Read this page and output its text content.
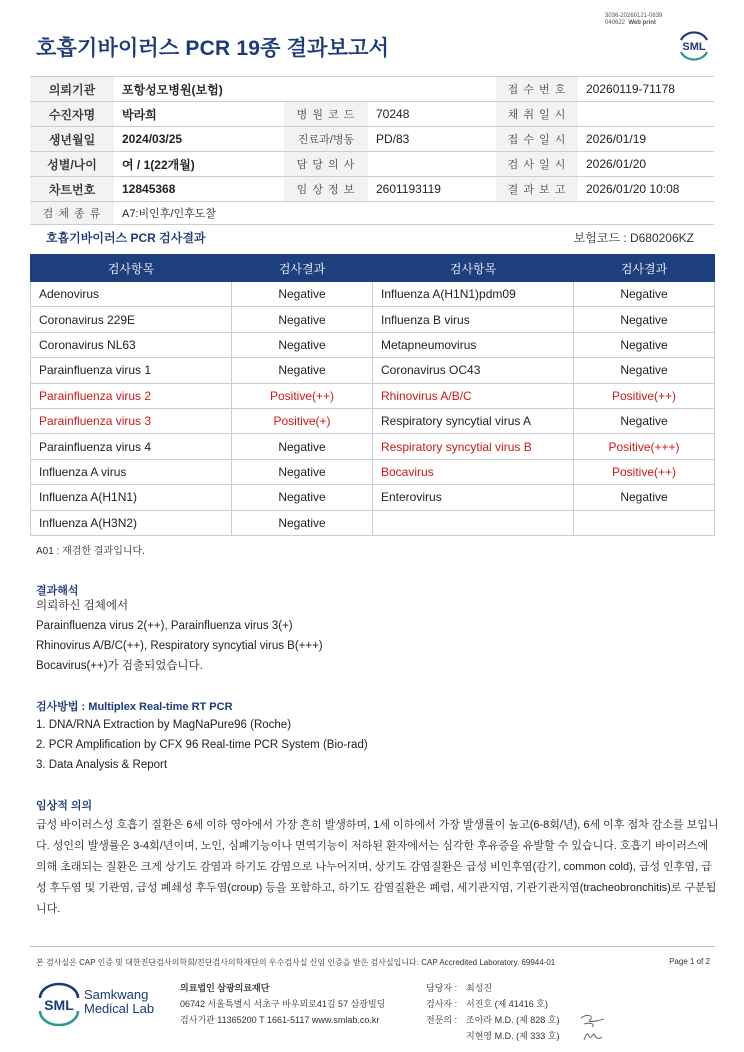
3036-20260121-0839
040622 Web print
SML
호흡기바이러스 PCR 19종 결과보고서
의뢰기관	포항성모병원(보험)			접 수 번 호	20260119-71178
수진자명	박라희	병 원 코 드	70248	채 취 일 시	
생년월일	2024/03/25	진료과/병동	PD/83	접 수 일 시	2026/01/19
성별/나이	여 / 1(22개월)	담 당 의 사		검 사 일 시	2026/01/20
차트번호	12845368	임 상 정 보	2601193119	결 과 보 고	2026/01/20 10:08
검 체 종 류	A7:비인후/인후도찰				
호흡기바이러스 PCR 검사결과	보험코드 : D680206KZ
검사항목	검사결과	검사항목	검사결과
Adenovirus	Negative	Influenza A(H1N1)pdm09	Negative
Coronavirus 229E	Negative	Influenza B virus	Negative
Coronavirus NL63	Negative	Metapneumovirus	Negative
Parainfluenza virus 1	Negative	Coronavirus OC43	Negative
Parainfluenza virus 2	Positive(++)	Rhinovirus A/B/C	Positive(++)
Parainfluenza virus 3	Positive(+)	Respiratory syncytial virus A	Negative
Parainfluenza virus 4	Negative	Respiratory syncytial virus B	Positive(+++)
Influenza A virus	Negative	Bocavirus	Positive(++)
Influenza A(H1N1)	Negative	Enterovirus	Negative
Influenza A(H3N2)	Negative		
A01 : 재검한 결과입니다.
결과해석
의뢰하신 검체에서
Parainfluenza virus 2(++), Parainfluenza virus 3(+)
Rhinovirus A/B/C(++), Respiratory syncytial virus B(+++)
Bocavirus(++)가 검출되었습니다.
검사방법 : Multiplex Real-time RT PCR
1. DNA/RNA Extraction by MagNaPure96 (Roche)
2. PCR Amplification by CFX 96 Real-time PCR System (Bio-rad)
3. Data Analysis & Report
임상적 의의
급성 바이러스성 호흡기 질환은 6세 이하 영아에서 가장 흔히 발생하며, 1세 이하에서 가장 발생률이 높고(6-8회/년), 6세 이후 점차 감소를 보입니다. 성인의 발생률은 3-4회/년이며, 노인, 심폐기능이나 면역기능이 저하된 환자에서는 심각한 후유증을 유발할 수 있습니다. 호흡기 바이러스에 의해 초래되는 질환은 크게 상기도 감염과 하기도 감염으로 나누어지며, 상기도 감염질환은 급성 비인후염(감기, common cold), 급성 인후염, 급성 후두염 및 기관염, 급성 폐쇄성 후두염(croup) 등을 포함하고, 하기도 감염질환은 폐렴, 세기관지염, 기관기관지염(tracheobronchitis)로 구분됩니다.
본 검사실은 CAP 인증 및 대한진단검사의학회/진단검사의학재단의 우수검사실 신임 인증을 받은 검사실입니다. CAP Accredited Laboratory. 69944-01	Page 1 of 2
SML
Samkwang
Medical Lab
의료법인 삼광의료재단
06742 서울특별시 서초구 바우뫼로41길 57 삼광빌딩
검사기관 11365200 T 1661-5117 www.smlab.co.kr
담당자 : 최성진
검사자 : 서진호 (제 41416 호)
전문의 : 조아라 M.D. (제 828 호)
지현영 M.D. (제 333 호)
